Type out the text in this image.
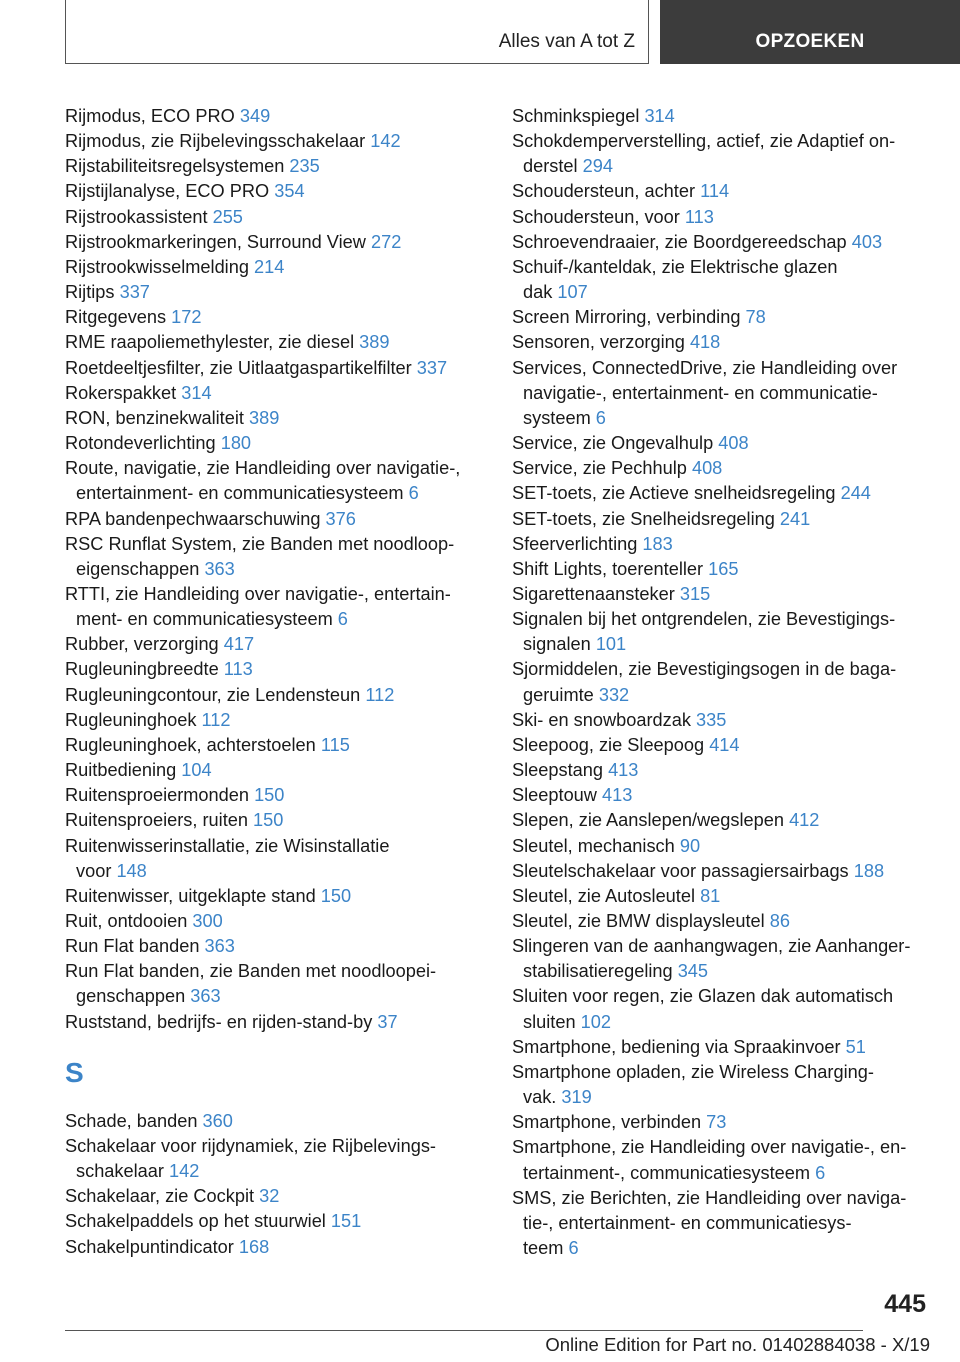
Alles van A tot Z	OPZOEKEN
Rijmodus, ECO PRO 349
Rijmodus, zie Rijbelevingsschakelaar 142
Rijstabiliteitsregelsystemen 235
Rijstijlanalyse, ECO PRO 354
Rijstrookassistent 255
Rijstrookmarkeringen, Surround View 272
Rijstrookwisselmelding 214
Rijtips 337
Ritgegevens 172
RME raapoliemethylester, zie diesel 389
Roetdeeltjesfilter, zie Uitlaatgaspartikelfilter 337
Rokerspakket 314
RON, benzinekwaliteit 389
Rotondeverlichting 180
Route, navigatie, zie Handleiding over navigatie-,
entertainment- en communicatiesysteem 6
RPA bandenpechwaarschuwing 376
RSC Runflat System, zie Banden met noodloop-
eigenschappen 363
RTTI, zie Handleiding over navigatie-, entertain-
ment- en communicatiesysteem 6
Rubber, verzorging 417
Rugleuningbreedte 113
Rugleuningcontour, zie Lendensteun 112
Rugleuninghoek 112
Rugleuninghoek, achterstoelen 115
Ruitbediening 104
Ruitensproeiermonden 150
Ruitensproeiers, ruiten 150
Ruitenwisserinstallatie, zie Wisinstallatie
voor 148
Ruitenwisser, uitgeklapte stand 150
Ruit, ontdooien 300
Run Flat banden 363
Run Flat banden, zie Banden met noodloopei-
genschappen 363
Ruststand, bedrijfs- en rijden-stand-by 37
S
Schade, banden 360
Schakelaar voor rijdynamiek, zie Rijbelevings-
schakelaar 142
Schakelaar, zie Cockpit 32
Schakelpaddels op het stuurwiel 151
Schakelpuntindicator 168
Schminkspiegel 314
Schokdemperverstelling, actief, zie Adaptief on-
derstel 294
Schoudersteun, achter 114
Schoudersteun, voor 113
Schroevendraaier, zie Boordgereedschap 403
Schuif-/kanteldak, zie Elektrische glazen
dak 107
Screen Mirroring, verbinding 78
Sensoren, verzorging 418
Services, ConnectedDrive, zie Handleiding over
navigatie-, entertainment- en communicatie-
systeem 6
Service, zie Ongevalhulp 408
Service, zie Pechhulp 408
SET-toets, zie Actieve snelheidsregeling 244
SET-toets, zie Snelheidsregeling 241
Sfeerverlichting 183
Shift Lights, toerenteller 165
Sigarettenaansteker 315
Signalen bij het ontgrendelen, zie Bevestigings-
signalen 101
Sjormiddelen, zie Bevestigingsogen in de baga-
geruimte 332
Ski- en snowboardzak 335
Sleepoog, zie Sleepoog 414
Sleepstang 413
Sleeptouw 413
Slepen, zie Aanslepen/wegslepen 412
Sleutel, mechanisch 90
Sleutelschakelaar voor passagiersairbags 188
Sleutel, zie Autosleutel 81
Sleutel, zie BMW displaysleutel 86
Slingeren van de aanhangwagen, zie Aanhanger-
stabilisatieregeling 345
Sluiten voor regen, zie Glazen dak automatisch
sluiten 102
Smartphone, bediening via Spraakinvoer 51
Smartphone opladen, zie Wireless Charging-
vak. 319
Smartphone, verbinden 73
Smartphone, zie Handleiding over navigatie-, en-
tertainment-, communicatiesysteem 6
SMS, zie Berichten, zie Handleiding over naviga-
tie-, entertainment- en communicatiesys-
teem 6
445
Online Edition for Part no. 01402884038 - X/19
